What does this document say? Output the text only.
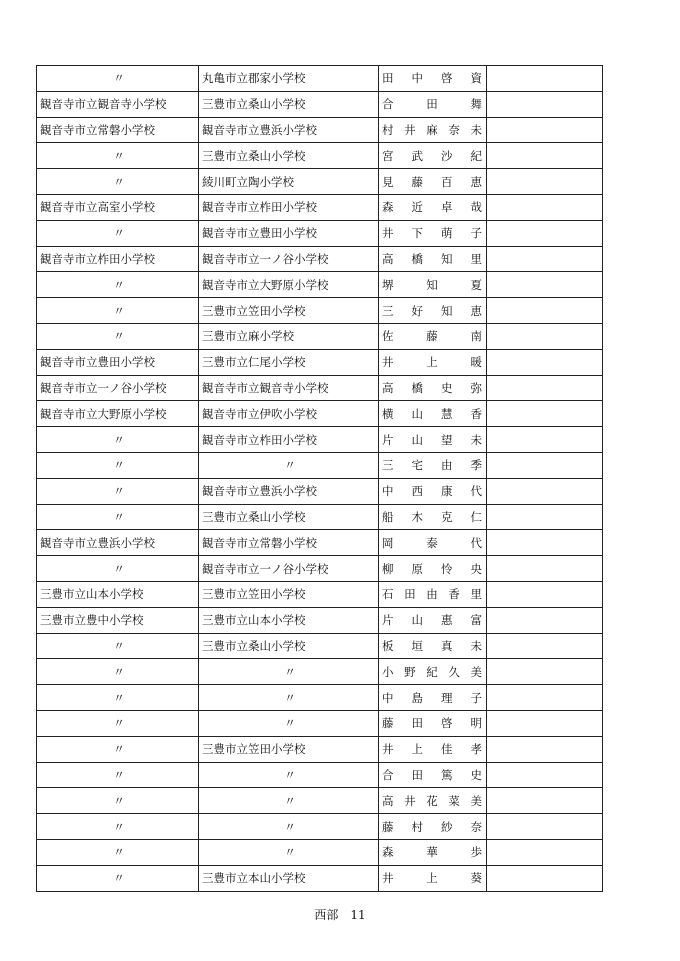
〃	丸亀市立郡家小学校	田 中 啓 資	

観音寺市立観音寺小学校	三豊市立桑山小学校	合 田 舞	

観音寺市立常磐小学校	観音寺市立豊浜小学校	村 井 麻 奈 未	

〃	三豊市立桑山小学校	宮 武 沙 紀	

〃	綾川町立陶小学校	見 藤 百 恵	

観音寺市立高室小学校	観音寺市立柞田小学校	森 近 卓 哉	

〃	観音寺市立豊田小学校	井 下 萌 子	

観音寺市立柞田小学校	観音寺市立一ノ谷小学校	高 橋 知 里	

〃	観音寺市立大野原小学校	堺 知 夏	

〃	三豊市立笠田小学校	三 好 知 恵	

〃	三豊市立麻小学校	佐 藤 南	

観音寺市立豊田小学校	三豊市立仁尾小学校	井 上 暖	

観音寺市立一ノ谷小学校	観音寺市立観音寺小学校	高 橋 史 弥	

観音寺市立大野原小学校	観音寺市立伊吹小学校	横 山 慧 香	

〃	観音寺市立柞田小学校	片 山 望 未	

〃	〃	三 宅 由 季	

〃	観音寺市立豊浜小学校	中 西 康 代	

〃	三豊市立桑山小学校	船 木 克 仁	

観音寺市立豊浜小学校	観音寺市立常磐小学校	岡 泰 代	

〃	観音寺市立一ノ谷小学校	柳 原 怜 央	

三豊市立山本小学校	三豊市立笠田小学校	石 田 由 香 里	

三豊市立豊中小学校	三豊市立山本小学校	片 山 惠 富	

〃	三豊市立桑山小学校	板 垣 真 未	

〃	〃	小 野 紀 久 美	

〃	〃	中 島 理 子	

〃	〃	藤 田 啓 明	

〃	三豊市立笠田小学校	井 上 佳 孝	

〃	〃	合 田 篤 史	

〃	〃	高 井 花 菜 美	

〃	〃	藤 村 紗 奈	

〃	〃	森 華 歩	

〃	三豊市立本山小学校	井 上 葵	

西部　11
